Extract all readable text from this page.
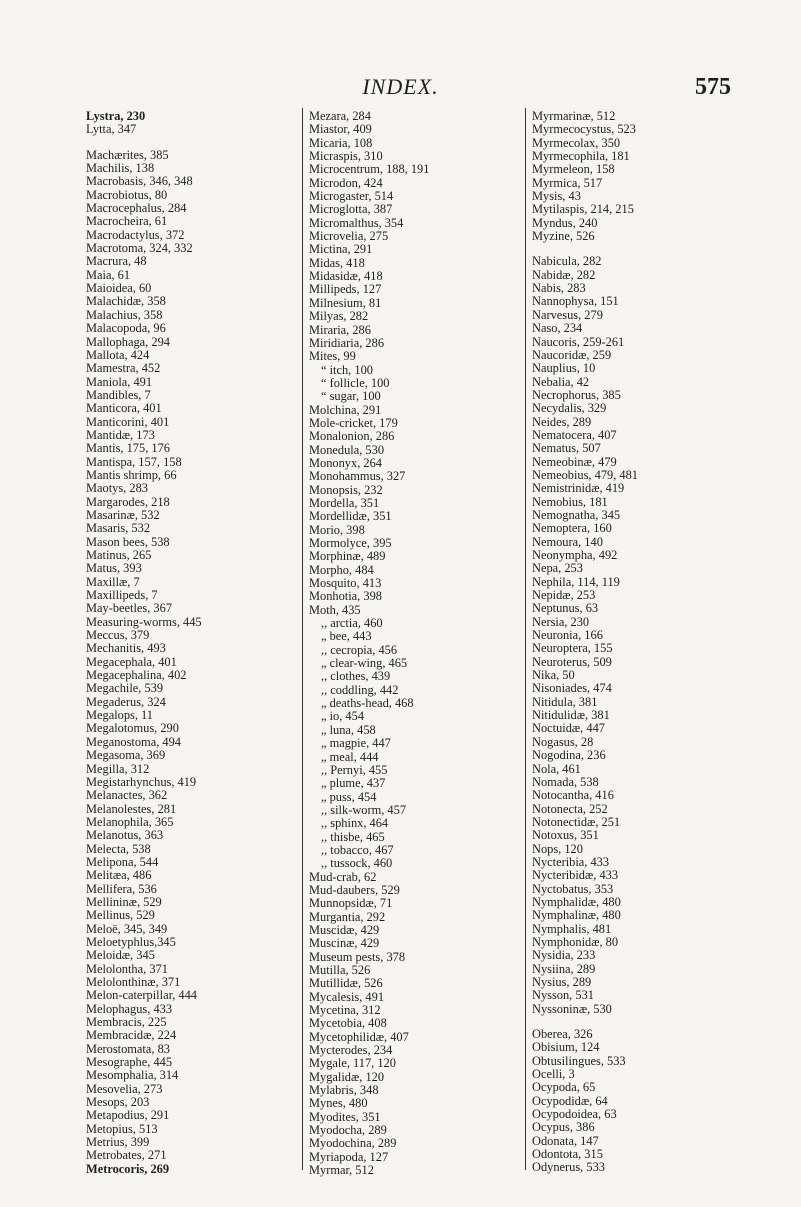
INDEX.	575
Lystra, 230
Lytta, 347
Machærites, 385
Machilis, 138
Macrobasis, 346, 348
Macrobiotus, 80
Macrocephalus, 284
Macrocheira, 61
Macrodactylus, 372
Macrotoma, 324, 332
Macrura, 48
Maia, 61
Maioidea, 60
Malachidæ, 358
Malachius, 358
Malacopoda, 96
Mallophaga, 294
Mallota, 424
Mamestra, 452
Maniola, 491
Mandibles, 7
Manticora, 401
Manticorini, 401
Mantidæ, 173
Mantis, 175, 176
Mantispa, 157, 158
Mantis shrimp, 66
Maotys, 283
Margarodes, 218
Masarinæ, 532
Masaris, 532
Mason bees, 538
Matinus, 265
Matus, 393
Maxillæ, 7
Maxillipeds, 7
May-beetles, 367
Measuring-worms, 445
Meccus, 379
Mechanitis, 493
Megacephala, 401
Megacephalina, 402
Megachile, 539
Megaderus, 324
Megalops, 11
Megalotomus, 290
Meganostoma, 494
Megasoma, 369
Megilla, 312
Megistarhynchus, 419
Melanactes, 362
Melanolestes, 281
Melanophila, 365
Melanotus, 363
Melecta, 538
Melipona, 544
Melitæa, 486
Mellifera, 536
Mellininæ, 529
Mellinus, 529
Meloë, 345, 349
Meloetyphlus,345
Meloidæ, 345
Melolontha, 371
Melolonthinæ, 371
Melon-caterpillar, 444
Melophagus, 433
Membracis, 225
Membracidæ, 224
Merostomata, 83
Mesographe, 445
Mesomphalia, 314
Mesovelia, 273
Mesops, 203
Metapodius, 291
Metopius, 513
Metrius, 399
Metrobates, 271
Metrocoris, 269
Mezara, 284
Miastor, 409
Micaria, 108
Micraspis, 310
Microcentrum, 188, 191
Microdon, 424
Microgaster, 514
Microglotta, 387
Micromalthus, 354
Microvelia, 275
Mictina, 291
Midas, 418
Midasidæ, 418
Millipeds, 127
Milnesium, 81
Milyas, 282
Miraria, 286
Miridiaria, 286
Mites, 99
“ itch, 100
“ follicle, 100
“ sugar, 100
Molchina, 291
Mole-cricket, 179
Monalonion, 286
Monedula, 530
Mononyx, 264
Monohammus, 327
Monopsis, 232
Mordella, 351
Mordellidæ, 351
Morio, 398
Mormolyce, 395
Morphinæ, 489
Morpho, 484
Mosquito, 413
Monhotia, 398
Moth, 435
,, arctia, 460
„ bee, 443
,, cecropia, 456
„ clear-wing, 465
,, clothes, 439
,, coddling, 442
„ deaths-head, 468
„ io, 454
„ luna, 458
„ magpie, 447
„ meal, 444
,, Pernyi, 455
„ plume, 437
„ puss, 454
,, silk-worm, 457
,, sphinx, 464
,, thisbe, 465
,, tobacco, 467
,, tussock, 460
Mud-crab, 62
Mud-daubers, 529
Munnopsidæ, 71
Murgantia, 292
Muscidæ, 429
Muscinæ, 429
Museum pests, 378
Mutilla, 526
Mutillidæ, 526
Mycalesis, 491
Mycetina, 312
Mycetobia, 408
Mycetophilidæ, 407
Mycterodes, 234
Mygale, 117, 120
Mygalidæ, 120
Mylabris, 348
Mynes, 480
Myodites, 351
Myodocha, 289
Myodochina, 289
Myriapoda, 127
Myrmar, 512
Myrmarinæ, 512
Myrmecocystus, 523
Myrmecolax, 350
Myrmecophila, 181
Myrmeleon, 158
Myrmica, 517
Mysis, 43
Mytilaspis, 214, 215
Myndus, 240
Myzine, 526
Nabicula, 282
Nabidæ, 282
Nabis, 283
Nannophysa, 151
Narvesus, 279
Naso, 234
Naucoris, 259-261
Naucoridæ, 259
Nauplius, 10
Nebalia, 42
Necrophorus, 385
Necydalis, 329
Neides, 289
Nematocera, 407
Nematus, 507
Nemeobinæ, 479
Nemeobius, 479, 481
Nemistrinidæ, 419
Nemobius, 181
Nemognatha, 345
Nemoptera, 160
Nemoura, 140
Neonympha, 492
Nepa, 253
Nephila, 114, 119
Nepidæ, 253
Neptunus, 63
Nersia, 230
Neuronia, 166
Neuroptera, 155
Neuroterus, 509
Nika, 50
Nisoniades, 474
Nitidula, 381
Nitidulidæ, 381
Noctuidæ, 447
Nogasus, 28
Nogodina, 236
Nola, 461
Nomada, 538
Notocantha, 416
Notonecta, 252
Notonectidæ, 251
Notoxus, 351
Nops, 120
Nycteribia, 433
Nycteribidæ, 433
Nyctobatus, 353
Nymphalidæ, 480
Nymphalinæ, 480
Nymphalis, 481
Nymphonidæ, 80
Nysidia, 233
Nysiina, 289
Nysius, 289
Nysson, 531
Nyssoninæ, 530
Oberea, 326
Obisium, 124
Obtusilingues, 533
Ocelli, 3
Ocypoda, 65
Ocypodidæ, 64
Ocypodoidea, 63
Ocypus, 386
Odonata, 147
Odontota, 315
Odynerus, 533
